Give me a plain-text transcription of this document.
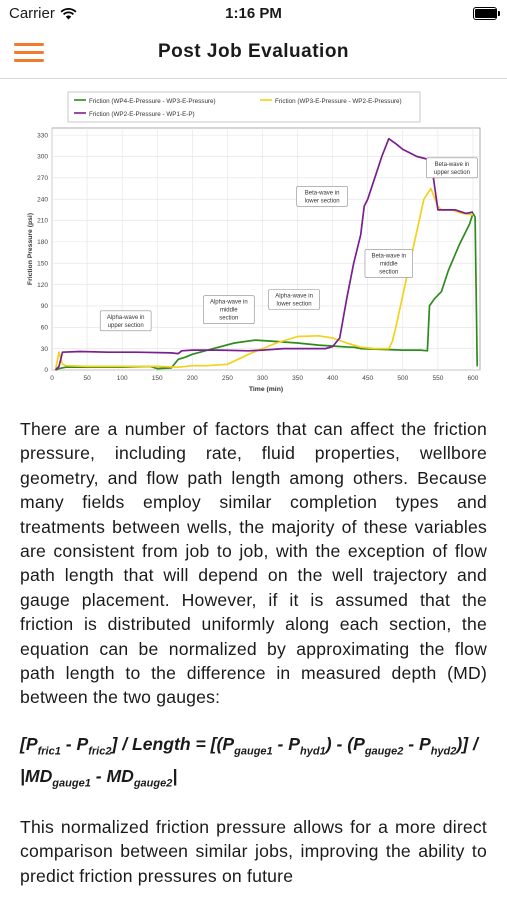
Carrier	1:16 PM
Post Job Evaluation
Friction (WP4-E-Pressure - WP3-E-Pressure)	Friction (WP3-E-Pressure - WP2-E-Pressure)
Friction (WP2-E-Pressure - WP1-E-P)
0
30
60
90
120
150
180
210
240
270
300
330
0	50	100	150	200	250	300	350	400	450	500	550	600
Time (min)
Friction Pressure (psi)
Alpha-wave in
upper section
Alpha-wave in
middle
section
Alpha-wave in
lower section
Beta-wave in
lower section
Beta-wave in
middle
section
Beta-wave in
upper section

There are a number of factors that can affect the friction pressure, including rate, fluid properties, wellbore geometry, and flow path length among others. Because many fields employ similar completion types and treatments between wells, the majority of these variables are consistent from job to job, with the exception of flow path length that will depend on the well trajectory and gauge placement. However, if it is assumed that the friction is distributed uniformly along each section, the equation can be normalized by approximating the flow path length to the difference in measured depth (MD) between the two gauges:

$[P_{fric1} - P_{fric2}]$ / Length = $[(P_{gauge1} - P_{hyd1}) - (P_{gauge2} - P_{hyd2})] / |MD_{gauge1} - MD_{gauge2}|$

This normalized friction pressure allows for a more direct comparison between similar jobs, improving the ability to predict friction pressures on future
